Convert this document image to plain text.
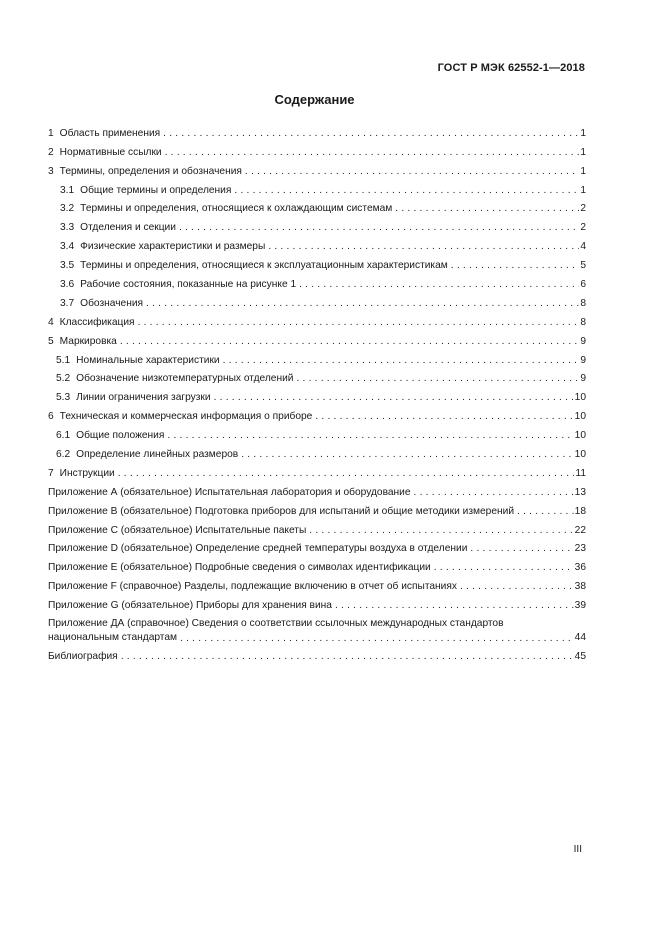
ГОСТ Р МЭК 62552-1—2018
Содержание
1 Область применения . . .	1
2 Нормативные ссылки . . .	1
3 Термины, определения и обозначения . . .	1
3.1 Общие термины и определения . . .	1
3.2 Термины и определения, относящиеся к охлаждающим системам . . .	2
3.3 Отделения и секции . . .	2
3.4 Физические характеристики и размеры . . .	4
3.5 Термины и определения, относящиеся к эксплуатационным характеристикам . . .	5
3.6 Рабочие состояния, показанные на рисунке 1 . . .	6
3.7 Обозначения . . .	8
4 Классификация . . .	8
5 Маркировка . . .	9
5.1 Номинальные характеристики . . .	9
5.2 Обозначение низкотемпературных отделений . . .	9
5.3 Линии ограничения загрузки . . .	10
6 Техническая и коммерческая информация о приборе . . .	10
6.1 Общие положения . . .	10
6.2 Определение линейных размеров . . .	10
7 Инструкции . . .	11
Приложение А (обязательное) Испытательная лаборатория и оборудование . . .	13
Приложение В (обязательное) Подготовка приборов для испытаний и общие методики измерений . . .	18
Приложение С (обязательное) Испытательные пакеты . . .	22
Приложение D (обязательное) Определение средней температуры воздуха в отделении . . .	23
Приложение Е (обязательное) Подробные сведения о символах идентификации . . .	36
Приложение F (справочное) Разделы, подлежащие включению в отчет об испытаниях . . .	38
Приложение G (обязательное) Приборы для хранения вина . . .	39
Приложение ДА (справочное) Сведения о соответствии ссылочных международных стандартов
национальным стандартам . . .	44
Библиография . . .	45
III
